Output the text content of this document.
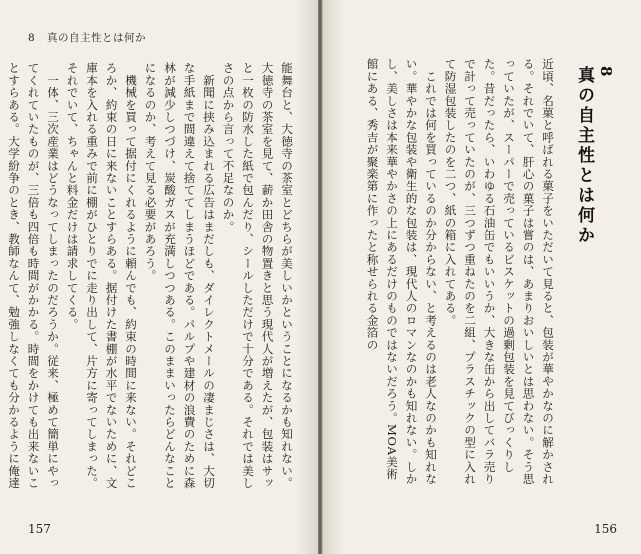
8 真の自主性とは何か
能舞台と、大徳寺の茶室とどちらが美しいかということになるかも知れない。大徳寺の茶室を見て、薪か田舎の物置きと思う現代人が増えたが、包装はサッと一枚の防水した紙で包んだり、シールしただけで十分である。それでは美しさの点から言って不足なのか。
　新聞に挟み込まれる広告はまだしも、ダイレクトメールの凄まじさは、大切な手紙まで間違えて捨ててしまうほどである。パルプや建材の浪費のために森林が減少しつづけ、炭酸ガスが充満しつつある。このままいったらどんなことになるのか、考えて見る必要があろう。
　機械を買って据付にくれるように頼んでも、約束の時間に来ない。それどころか、約束の日に来ないことすらある。据付けた書棚が水平でないために、文庫本を入れる重みで前に棚がひとりでに走り出して、片方に寄ってしまった。それでいて、ちゃんと料金だけは請求してくる。
　一体、三次産業はどうなってしまったのだろうか。従来、極めて簡単にやってくれていたものが、三倍も四倍も時間がかかる。時間をかけても出来ないことすらある。大学紛争のとき、教師なんて、勉強しなくても分かるように俺達

157
8
真の自主性とは何か
近頃、名菓と呼ばれる菓子をいただいて見ると、包装が華やかなのに解かされる。それでいて、肝心の菓子は嘗のは、あまりおいしいとは思わない。そう思っていたが、スーパーで売っているビスケットの過剰包装を見てびっくりした。昔だったら、いわゆる石油缶でもいいうか、大きな缶から出してバラ売りで計って売っていたのが、三つずつ重ねたのを二組、プラスチックの型に入れて防湿包装したのを二つ、紙の箱に入れてある。
　これでは何を買っているのか分からない、と考えるのは老人なのかも知れない。華やかな包装や衛生的な包装は、現代人のロマンなのかも知れない。しかし、美しさは本来華やかさの上にあるだけのものではないだろう。MOA美術館にある、秀吉が聚楽第に作ったと称せられる金箔の
156
